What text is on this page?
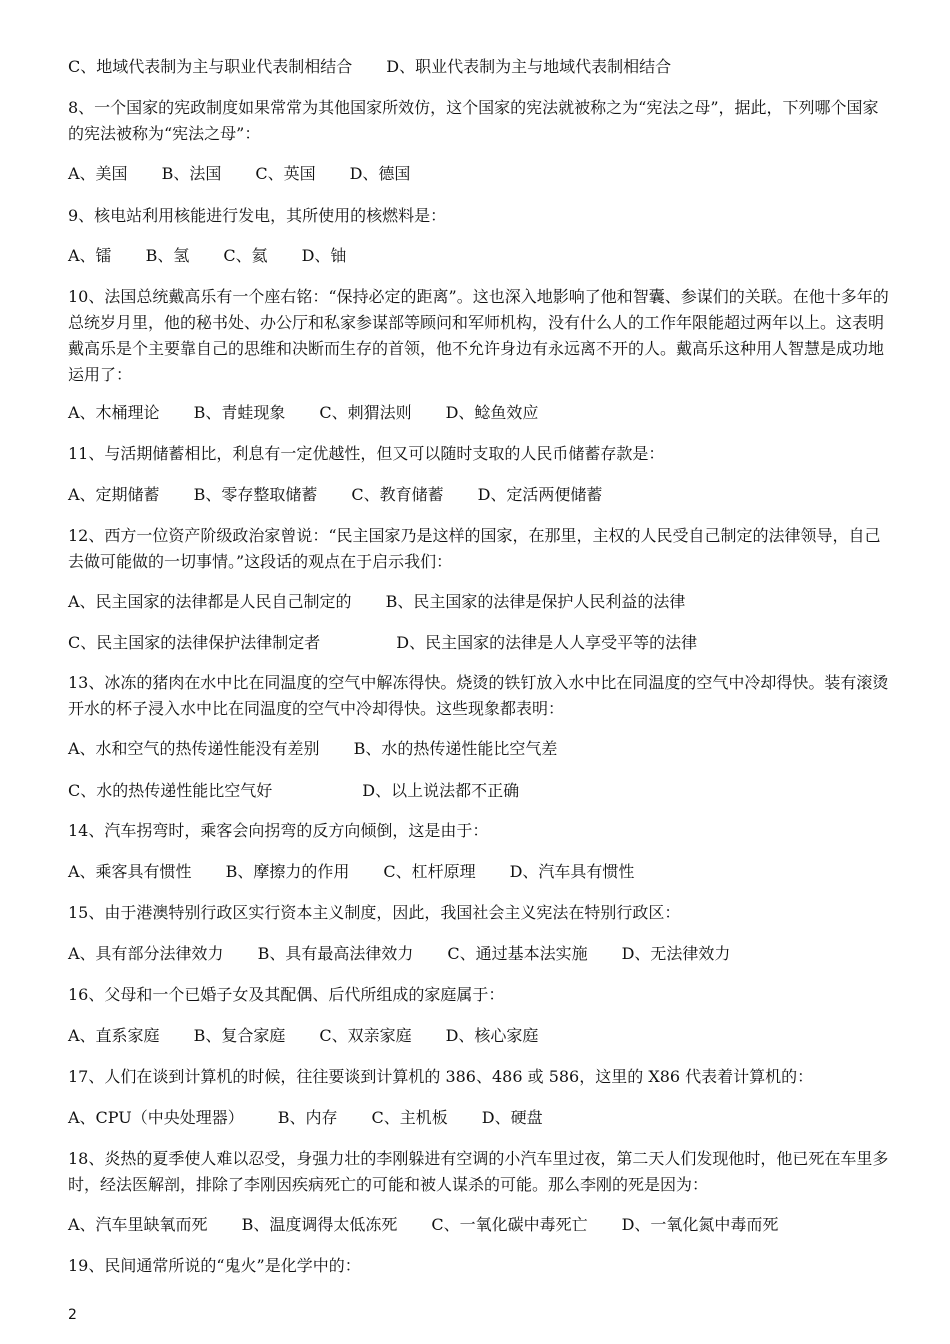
C、地域代表制为主与职业代表制相结合 D、职业代表制为主与地域代表制相结合
8、一个国家的宪政制度如果常常为其他国家所效仿，这个国家的宪法就被称之为“宪法之母”，据此，下列哪个国家的宪法被称为“宪法之母”：
A、美国 B、法国 C、英国 D、德国
9、核电站利用核能进行发电，其所使用的核燃料是：
A、镭 B、氢 C、氦 D、铀
10、法国总统戴高乐有一个座右铭：“保持必定的距离”。这也深入地影响了他和智囊、参谋们的关联。在他十多年的总统岁月里，他的秘书处、办公厅和私家参谋部等顾问和军师机构，没有什么人的工作年限能超过两年以上。这表明戴高乐是个主要靠自己的思维和决断而生存的首领，他不允许身边有永远离不开的人。戴高乐这种用人智慧是成功地运用了：
A、木桶理论 B、青蛙现象 C、刺猬法则 D、鲶鱼效应
11、与活期储蓄相比，利息有一定优越性，但又可以随时支取的人民币储蓄存款是：
A、定期储蓄 B、零存整取储蓄 C、教育储蓄 D、定活两便储蓄
12、西方一位资产阶级政治家曾说：“民主国家乃是这样的国家，在那里，主权的人民受自己制定的法律领导，自己去做可能做的一切事情。”这段话的观点在于启示我们：
A、民主国家的法律都是人民自己制定的 B、民主国家的法律是保护人民利益的法律
C、民主国家的法律保护法律制定者	D、民主国家的法律是人人享受平等的法律
13、冰冻的猪肉在水中比在同温度的空气中解冻得快。烧烫的铁钉放入水中比在同温度的空气中冷却得快。装有滚烫开水的杯子浸入水中比在同温度的空气中冷却得快。这些现象都表明：
A、水和空气的热传递性能没有差别 B、水的热传递性能比空气差
C、水的热传递性能比空气好	D、以上说法都不正确
14、汽车拐弯时，乘客会向拐弯的反方向倾倒，这是由于：
A、乘客具有惯性 B、摩擦力的作用 C、杠杆原理 D、汽车具有惯性
15、由于港澳特别行政区实行资本主义制度，因此，我国社会主义宪法在特别行政区：
A、具有部分法律效力 B、具有最高法律效力 C、通过基本法实施 D、无法律效力
16、父母和一个已婚子女及其配偶、后代所组成的家庭属于：
A、直系家庭 B、复合家庭 C、双亲家庭 D、核心家庭
17、人们在谈到计算机的时候，往往要谈到计算机的 386、486 或 586，这里的 X86 代表着计算机的：
A、CPU（中央处理器） B、内存 C、主机板 D、硬盘
18、炎热的夏季使人难以忍受，身强力壮的李刚躲进有空调的小汽车里过夜，第二天人们发现他时，他已死在车里多时，经法医解剖，排除了李刚因疾病死亡的可能和被人谋杀的可能。那么李刚的死是因为：
A、汽车里缺氧而死 B、温度调得太低冻死 C、一氧化碳中毒死亡 D、一氧化氮中毒而死
19、民间通常所说的“鬼火”是化学中的：
2
